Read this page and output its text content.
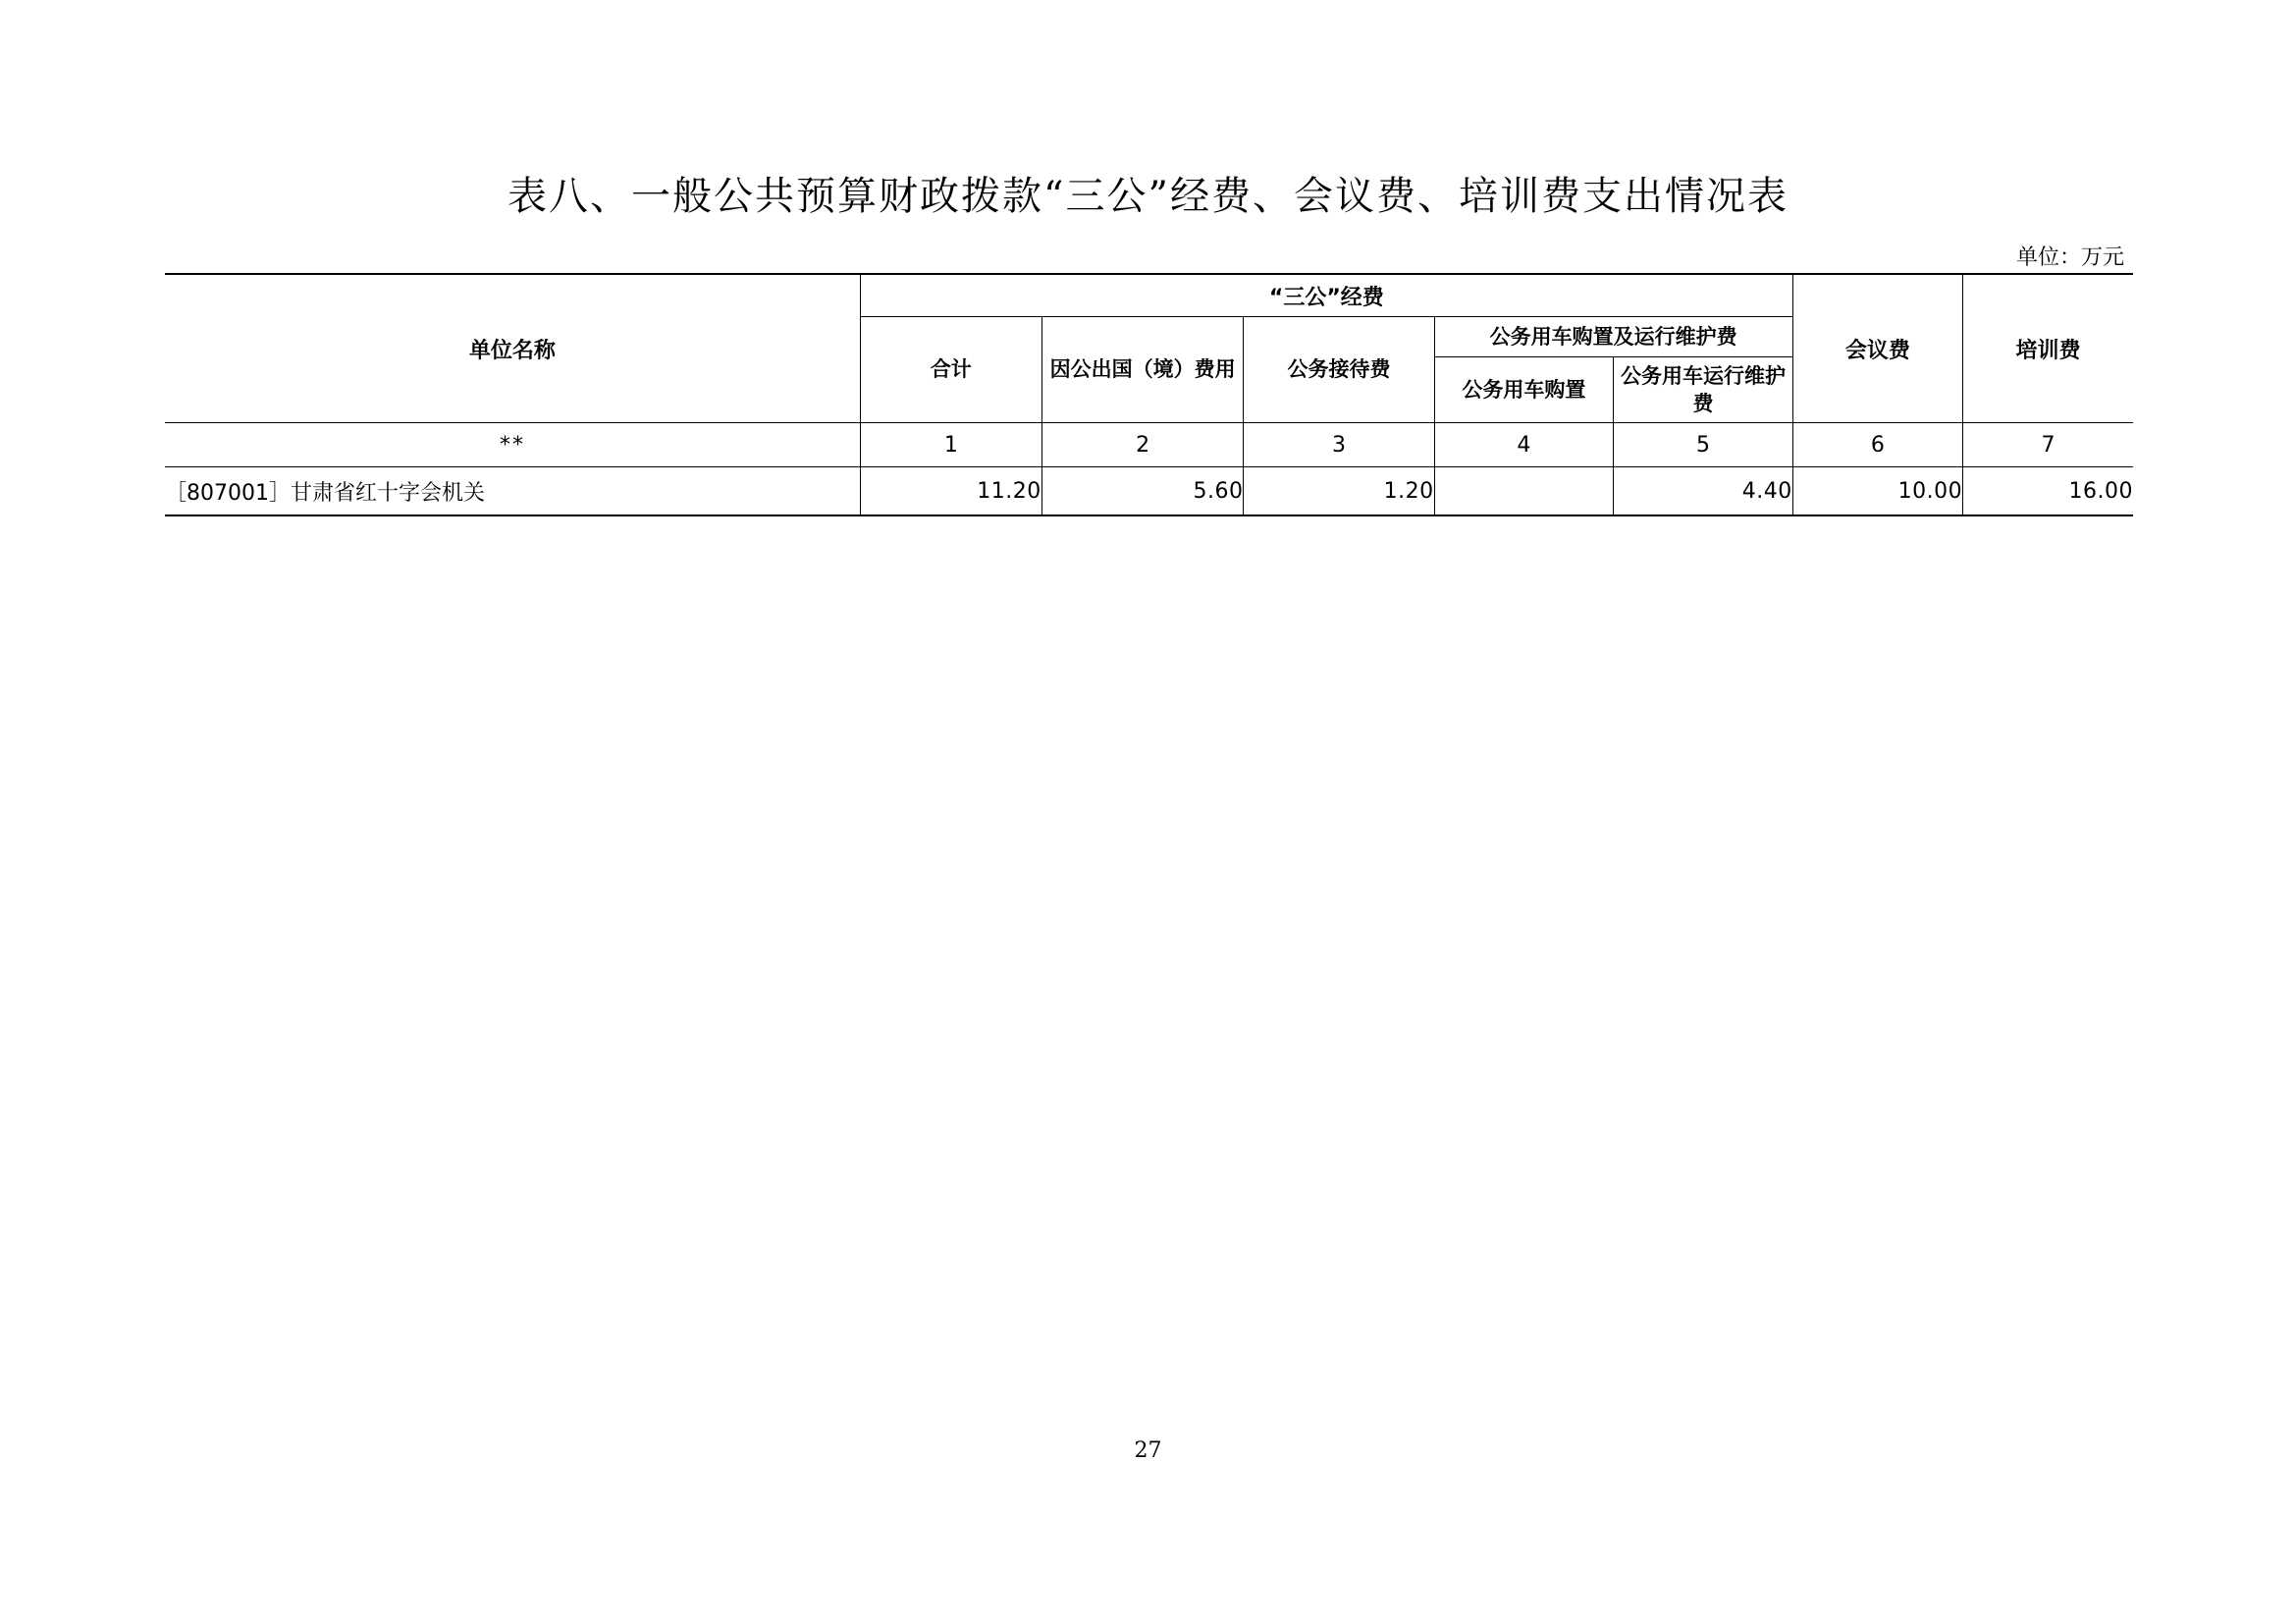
表八、一般公共预算财政拨款“三公”经费、会议费、培训费支出情况表
单位：万元
单位名称	“三公”经费					会议费	培训费
	合计	因公出国（境）费用	公务接待费	公务用车购置及运行维护费			
				公务用车购置	公务用车运行维护费		
**	1	2	3	4	5	6	7
［807001］甘肃省红十字会机关	11.20	5.60	1.20		4.40	10.00	16.00
27
